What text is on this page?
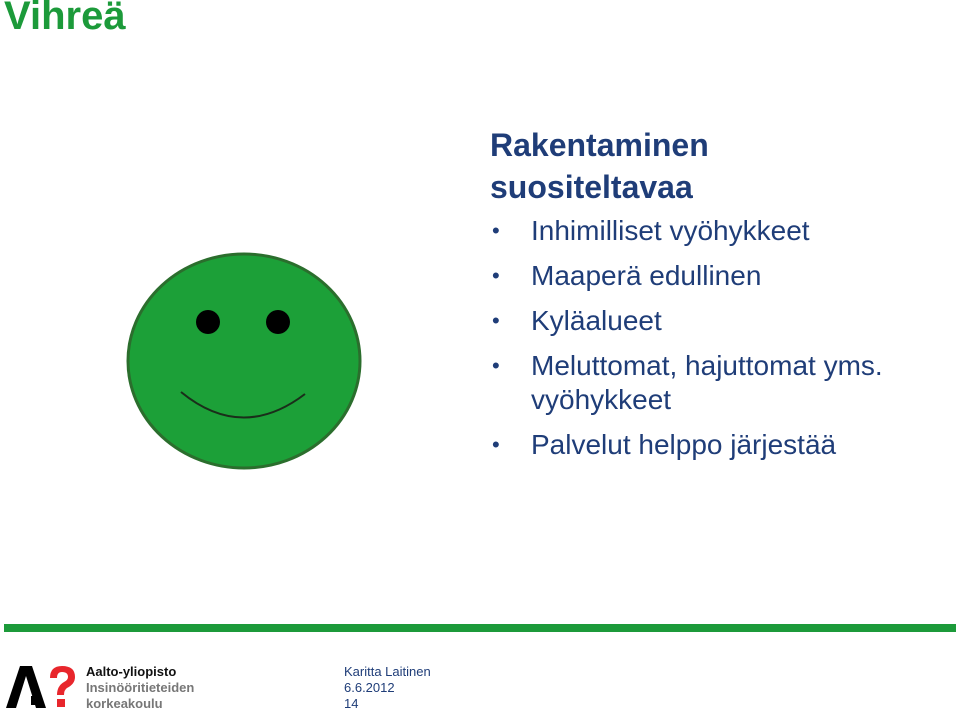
Vihreä
Rakentaminen
suositeltavaa
• Inhimilliset vyöhykkeet
• Maaperä edullinen
• Kyläalueet
• Meluttomat, hajuttomat yms. vyöhykkeet
• Palvelut helppo järjestää
Aalto-yliopisto
Insinööritieteiden
korkeakoulu
Karitta Laitinen
6.6.2012
14
